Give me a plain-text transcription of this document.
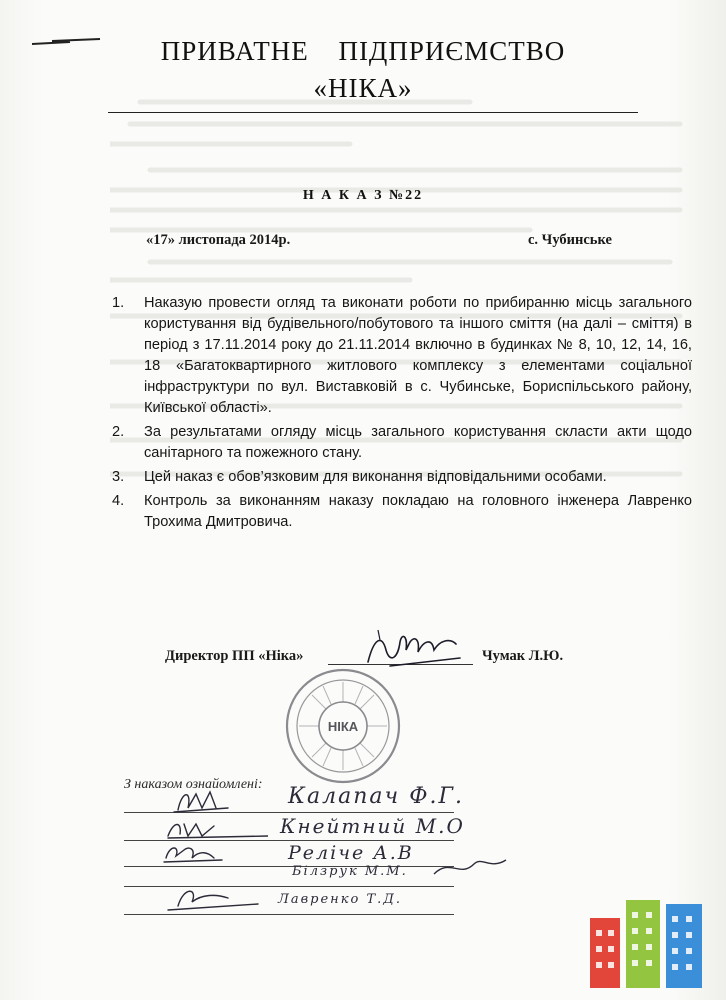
ПРИВАТНЕ ПІДПРИЄМСТВО
«НІКА»
Н А К А З №22
«17» листопада 2014р.	с. Чубинське
1.	Наказую провести огляд та виконати роботи по прибиранню місць загального користування від будівельного/побутового та іншого сміття (на далі – сміття) в період з 17.11.2014 року до 21.11.2014 включно в будинках № 8, 10, 12, 14, 16, 18 «Багатоквартирного житлового комплексу з елементами соціальної інфраструктури по вул. Виставковій в с. Чубинське, Бориспільського району, Київської області».
2.	За результатами огляду місць загального користування скласти акти щодо санітарного та пожежного стану.
3.	Цей наказ є обов’язковим для виконання відповідальними особами.
4.	Контроль за виконанням наказу покладаю на головного інженера Лавренко Трохима Дмитровича.
Директор ПП «Ніка»	Чумак Л.Ю.
НІКА
З наказом ознайомлені: Калапач Ф.Г.
Кнейтний М.О
Реліче А.В
Білзрук М.М.
Лавренко Т.Д.
